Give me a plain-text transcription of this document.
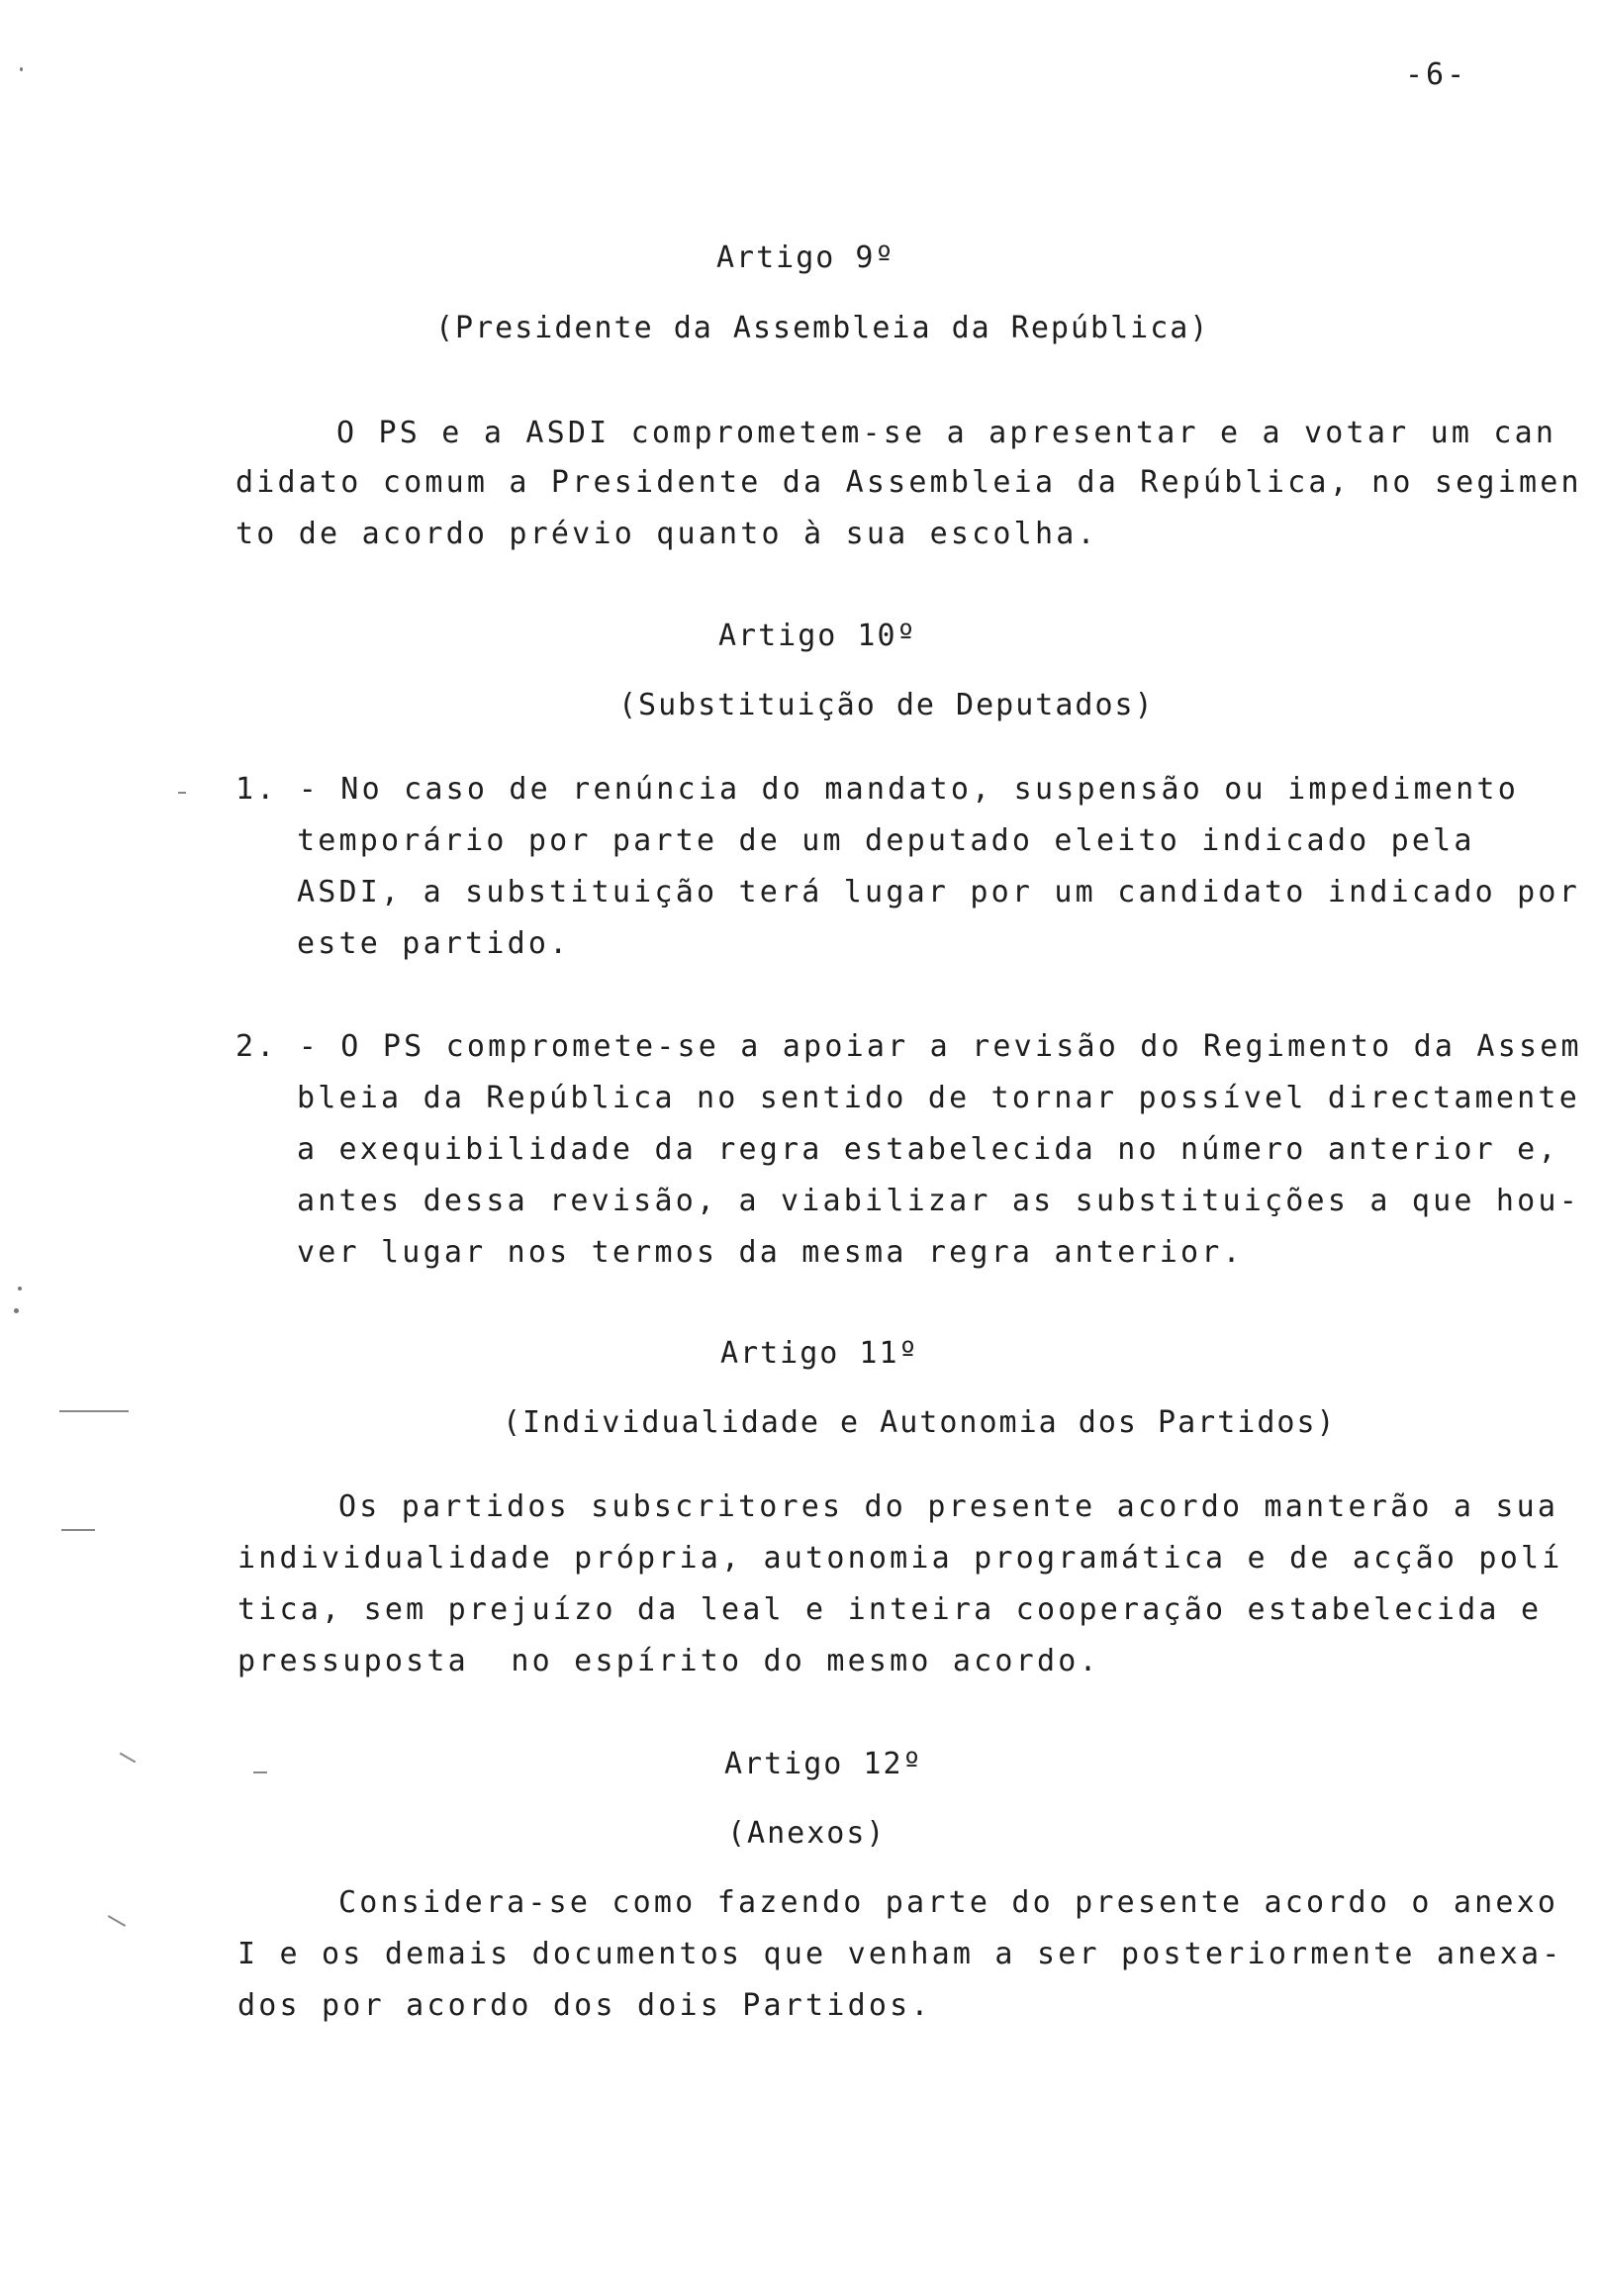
-6-
Artigo 9º
(Presidente da Assembleia da República)
O PS e a ASDI comprometem-se a apresentar e a votar um can
didato comum a Presidente da Assembleia da República, no segimen
to de acordo prévio quanto à sua escolha.
Artigo 10º
(Substituição de Deputados)
1. - No caso de renúncia do mandato, suspensão ou impedimento
temporário por parte de um deputado eleito indicado pela
ASDI, a substituição terá lugar por um candidato indicado por
este partido.
2. - O PS compromete-se a apoiar a revisão do Regimento da Assem
bleia da República no sentido de tornar possível directamente
a exequibilidade da regra estabelecida no número anterior e,
antes dessa revisão, a viabilizar as substituições a que hou-
ver lugar nos termos da mesma regra anterior.
Artigo 11º
(Individualidade e Autonomia dos Partidos)
Os partidos subscritores do presente acordo manterão a sua
individualidade própria, autonomia programática e de acção polí
tica, sem prejuízo da leal e inteira cooperação estabelecida e
pressuposta  no espírito do mesmo acordo.
Artigo 12º
(Anexos)
Considera-se como fazendo parte do presente acordo o anexo
I e os demais documentos que venham a ser posteriormente anexa-
dos por acordo dos dois Partidos.
